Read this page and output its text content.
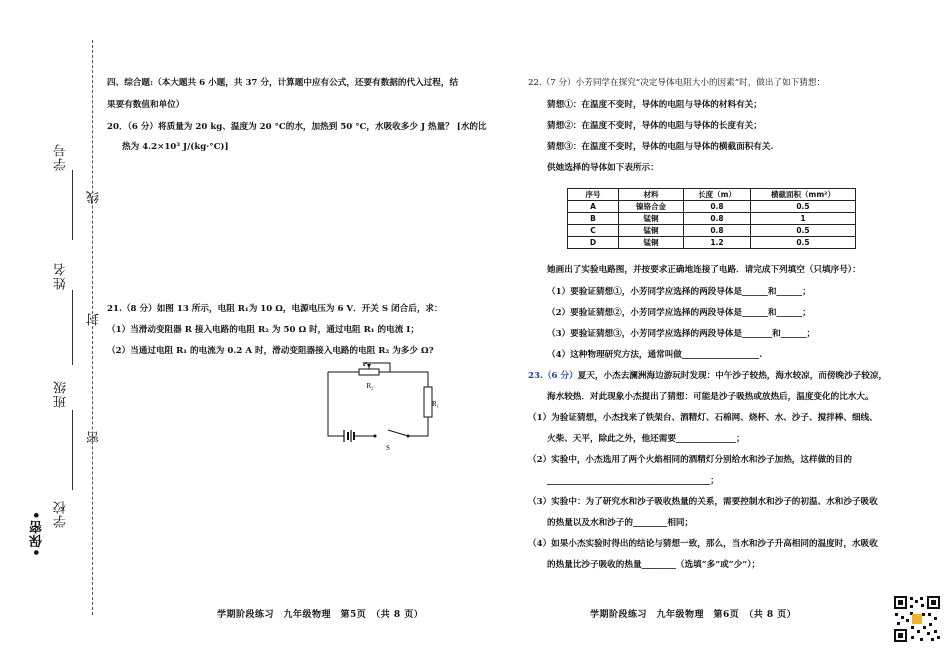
学号
线
姓名
封
班级
密
学校
•保密•
四、综合题:（本大题共 6 小题，共 37 分，计算题中应有公式，还要有数据的代入过程，结
果要有数值和单位）
20．（6 分）将质量为 20 kg、温度为 20 °C的水，加热到 50 °C，水吸收多少 J 热量？ [水的比
热为 4.2×10³ J/(kg·°C)]
21.（8 分）如图 13 所示，电阻 R₁为 10 Ω，电源电压为 6 V．开关 S 闭合后，求：
（1）当滑动变阻器 R 接入电路的电阻 R₂ 为 50 Ω 时，通过电阻 R₁ 的电流 I；
（2）当通过电阻 R₁ 的电流为 0.2 A 时，滑动变阻器接入电路的电阻 R₂ 为多少 Ω?
P
R₂
R₁
S
学期阶段练习　九年级物理　第5页　（共 8 页）
22.（7 分）小芳同学在探究“决定导体电阻大小的因素”时，做出了如下猜想：
猜想①：在温度不变时，导体的电阻与导体的材料有关；
猜想②：在温度不变时，导体的电阻与导体的长度有关；
猜想③：在温度不变时，导体的电阻与导体的横截面积有关.
供她选择的导体如下表所示：
序号	材料	长度（m）	横截面积（mm²）
A	镍铬合金	0.8	0.5
B	锰铜	0.8	1
C	锰铜	0.8	0.5
D	锰铜	1.2	0.5
她画出了实验电路图，并按要求正确地连接了电路．请完成下列填空（只填序号）：
（1）要验证猜想①，小芳同学应选择的两段导体是______和______；
（2）要验证猜想②，小芳同学应选择的两段导体是______和______；
（3）要验证猜想③，小芳同学应选择的两段导体是_______和______；
（4）这种物理研究方法，通常叫做__________________.
23.（6 分）夏天，小杰去澜洲海边游玩时发现：中午沙子较热，海水较凉，而傍晚沙子较凉，
海水较热．对此现象小杰提出了猜想：可能是沙子吸热或放热后，温度变化的比水大。
（1）为验证猜想，小杰找来了铁架台、酒精灯、石棉网、烧杯、水、沙子、搅拌棒、细线、
火柴、天平，除此之外，他还需要______________；
（2）实验中，小杰选用了两个火焰相同的酒精灯分别给水和沙子加热，这样做的目的
______________________________________；
（3）实验中：为了研究水和沙子吸收热量的关系，需要控制水和沙子的初温、水和沙子吸收
的热量以及水和沙子的________相同；
（4）如果小杰实验时得出的结论与猜想一致，那么，当水和沙子升高相同的温度时，水吸收
的热量比沙子吸收的热量________（选填“多”或“少”）；
学期阶段练习　九年级物理　第6页　（共 8 页）
